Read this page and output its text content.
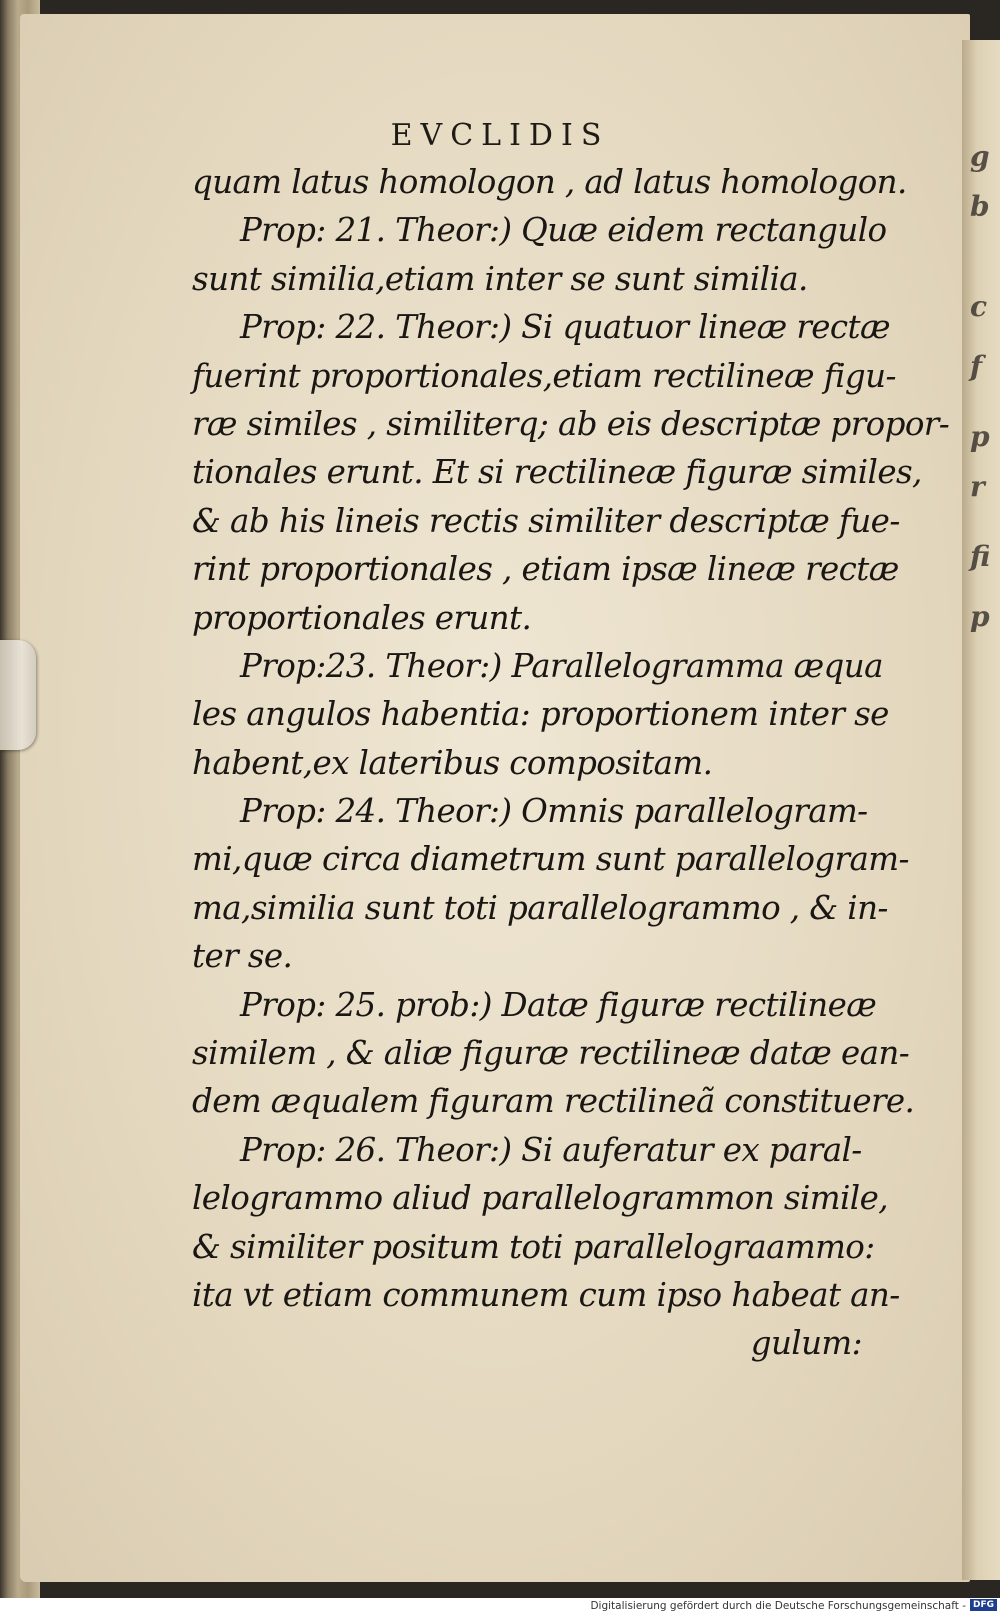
g
b
c
f
p
r
fi
p
EVCLIDIS
quam latus homologon , ad latus homologon.
Prop: 21. Theor:) Quæ eidem rectangulo
sunt similia,etiam inter se sunt similia.
Prop: 22. Theor:) Si quatuor lineæ rectæ
fuerint proportionales,etiam rectilineæ figu-
ræ similes , similiterq; ab eis descriptæ propor-
tionales erunt. Et si rectilineæ figuræ similes,
& ab his lineis rectis similiter descriptæ fue-
rint proportionales , etiam ipsæ lineæ rectæ
proportionales erunt.
Prop:23. Theor:) Parallelogramma æqua
les angulos habentia: proportionem inter se
habent,ex lateribus compositam.
Prop: 24. Theor:) Omnis parallelogram-
mi,quæ circa diametrum sunt parallelogram-
ma,similia sunt toti parallelogrammo , & in-
ter se.
Prop: 25. prob:) Datæ figuræ rectilineæ
similem , & aliæ figuræ rectilineæ datæ ean-
dem æqualem figuram rectilineã constituere.
Prop: 26. Theor:) Si auferatur ex paral-
lelogrammo aliud parallelogrammon simile,
& similiter positum toti parallelograammo:
ita vt etiam communem cum ipso habeat an-
gulum:
Digitalisierung gefördert durch die Deutsche Forschungsgemeinschaft - DFG
